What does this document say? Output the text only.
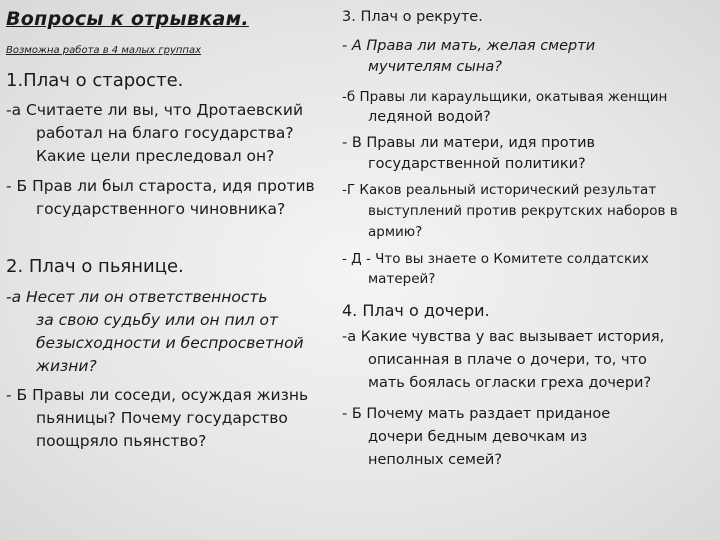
Вопросы к отрывкам.
Возможна работа в 4 малых группах
1.Плач о старосте.
-а Считаете ли вы, что Дротаевский
работал на благо государства?
Какие цели преследовал он?
- Б Прав ли был староста, идя против
государственного чиновника?
2. Плач о пьянице.
-а Несет ли он ответственность
за свою судьбу или он пил от
безысходности и беспросветной
жизни?
- Б Правы ли соседи, осуждая жизнь
пьяницы? Почему государство
поощряло пьянство?
3. Плач о рекруте.
- А Права ли мать, желая смерти
мучителям сына?
-б Правы ли караульщики, окатывая женщин
ледяной водой?
- В Правы ли матери, идя против
государственной политики?
-Г Каков реальный исторический результат
выступлений против рекрутских наборов в
армию?
- Д - Что вы знаете о Комитете солдатских
матерей?
4. Плач о дочери.
-а Какие чувства у вас вызывает история,
описанная в плаче о дочери, то, что
мать боялась огласки греха дочери?
- Б Почему мать раздает приданое
дочери бедным девочкам из
неполных семей?
